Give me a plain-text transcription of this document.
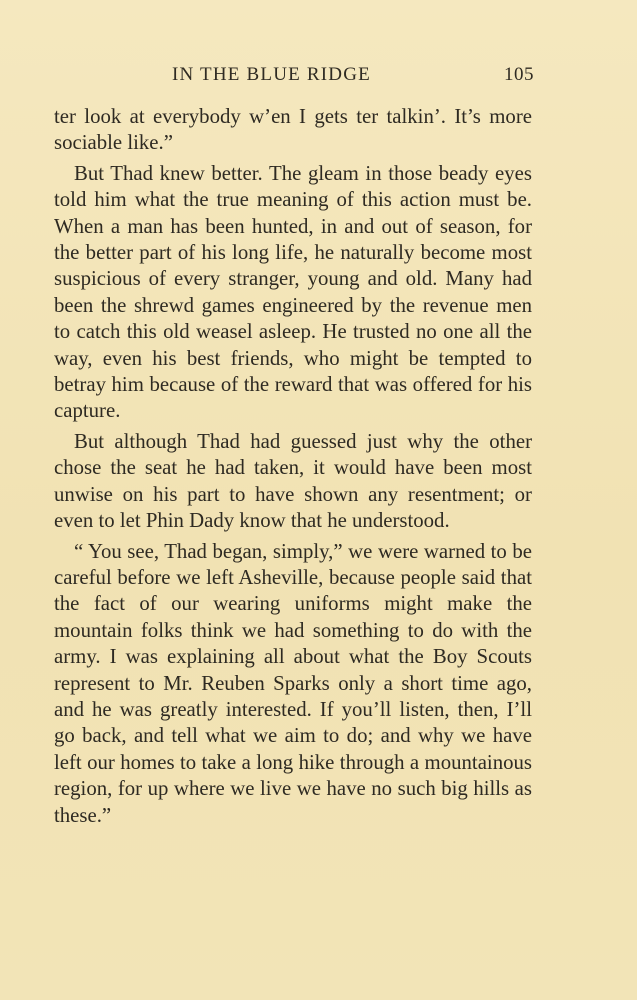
IN THE BLUE RIDGE	105

ter look at everybody w’en I gets ter talkin’. It’s more sociable like.”

But Thad knew better. The gleam in those beady eyes told him what the true meaning of this action must be. When a man has been hunted, in and out of season, for the better part of his long life, he naturally become most suspicious of every stranger, young and old. Many had been the shrewd games engineered by the revenue men to catch this old weasel asleep. He trusted no one all the way, even his best friends, who might be tempted to betray him because of the reward that was offered for his capture.

But although Thad had guessed just why the other chose the seat he had taken, it would have been most unwise on his part to have shown any resentment; or even to let Phin Dady know that he understood.

“ You see, Thad began, simply,” we were warned to be careful before we left Asheville, because people said that the fact of our wearing uniforms might make the mountain folks think we had something to do with the army. I was explaining all about what the Boy Scouts represent to Mr. Reuben Sparks only a short time ago, and he was greatly interested. If you’ll listen, then, I’ll go back, and tell what we aim to do; and why we have left our homes to take a long hike through a mountainous region, for up where we live we have no such big hills as these.”
